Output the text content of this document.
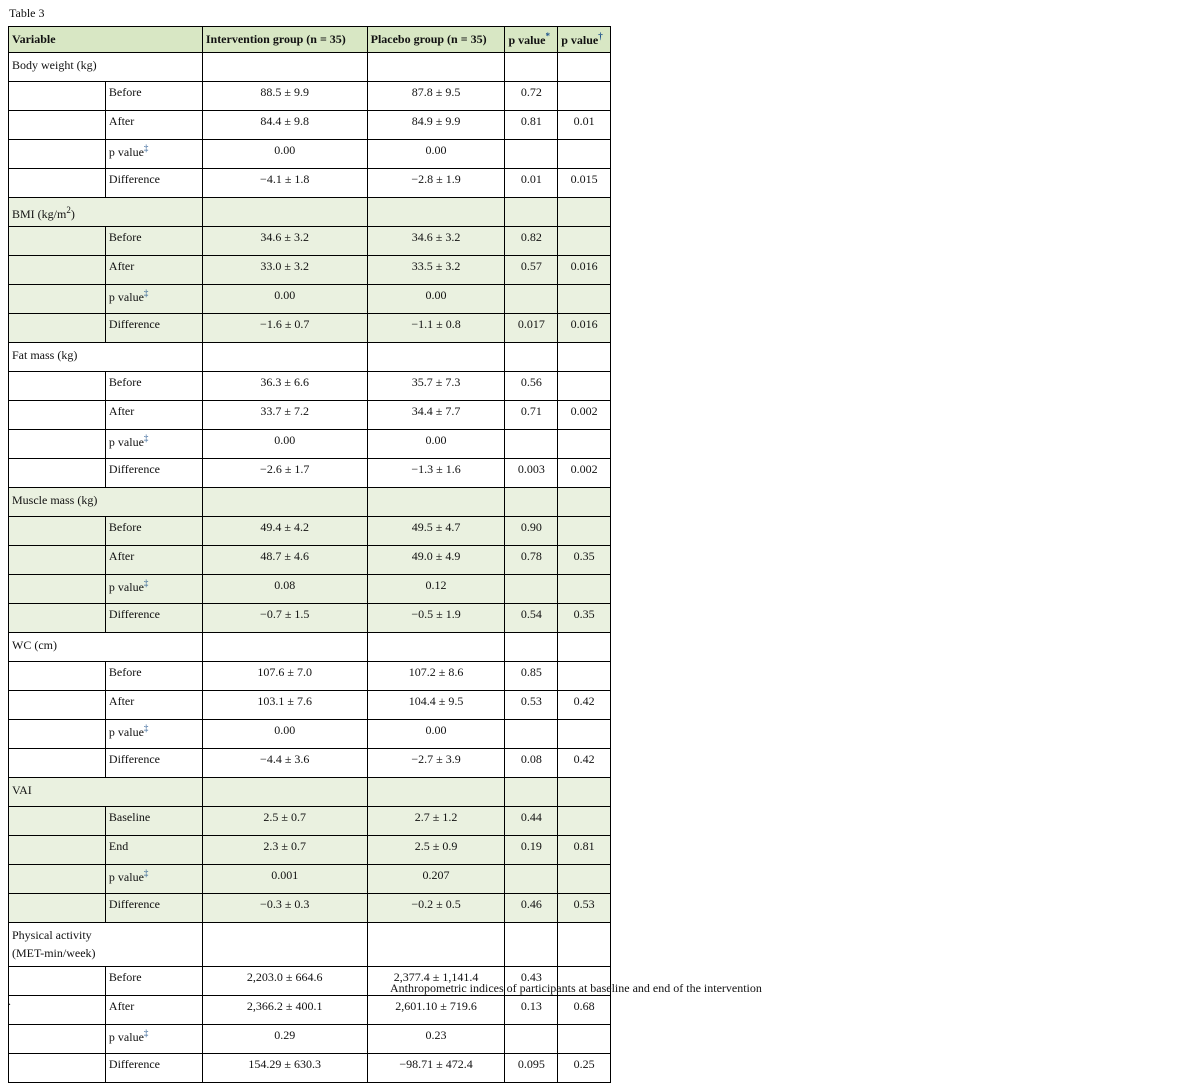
Table 3
Variable		Intervention group (n = 35)	Placebo group (n = 35)	p value*	p value†
Body weight (kg)					
	Before	88.5 ± 9.9	87.8 ± 9.5	0.72	
	After	84.4 ± 9.8	84.9 ± 9.9	0.81	0.01
	p value‡	0.00	0.00		
	Difference	−4.1 ± 1.8	−2.8 ± 1.9	0.01	0.015
BMI $(kg/m^2)$					
	Before	34.6 ± 3.2	34.6 ± 3.2	0.82	
	After	33.0 ± 3.2	33.5 ± 3.2	0.57	0.016
	p value‡	0.00	0.00		
	Difference	−1.6 ± 0.7	−1.1 ± 0.8	0.017	0.016
Fat mass (kg)					
	Before	36.3 ± 6.6	35.7 ± 7.3	0.56	
	After	33.7 ± 7.2	34.4 ± 7.7	0.71	0.002
	p value‡	0.00	0.00		
	Difference	−2.6 ± 1.7	−1.3 ± 1.6	0.003	0.002
Muscle mass (kg)					
	Before	49.4 ± 4.2	49.5 ± 4.7	0.90	
	After	48.7 ± 4.6	49.0 ± 4.9	0.78	0.35
	p value‡	0.08	0.12		
	Difference	−0.7 ± 1.5	−0.5 ± 1.9	0.54	0.35
WC (cm)					
	Before	107.6 ± 7.0	107.2 ± 8.6	0.85	
	After	103.1 ± 7.6	104.4 ± 9.5	0.53	0.42
	p value‡	0.00	0.00		
	Difference	−4.4 ± 3.6	−2.7 ± 3.9	0.08	0.42
VAI					
	Baseline	2.5 ± 0.7	2.7 ± 1.2	0.44	
	End	2.3 ± 0.7	2.5 ± 0.9	0.19	0.81
	p value‡	0.001	0.207		
	Difference	−0.3 ± 0.3	−0.2 ± 0.5	0.46	0.53
Physical activity
(MET-min/week)					
	Before	2,203.0 ± 664.6	2,377.4 ± 1,141.4	0.43	
	After	2,366.2 ± 400.1	2,601.10 ± 719.6	0.13	0.68
	p value‡	0.29	0.23		
	Difference	154.29 ± 630.3	−98.71 ± 472.4	0.095	0.25
Anthropometric indices of participants at baseline and end of the intervention
.
